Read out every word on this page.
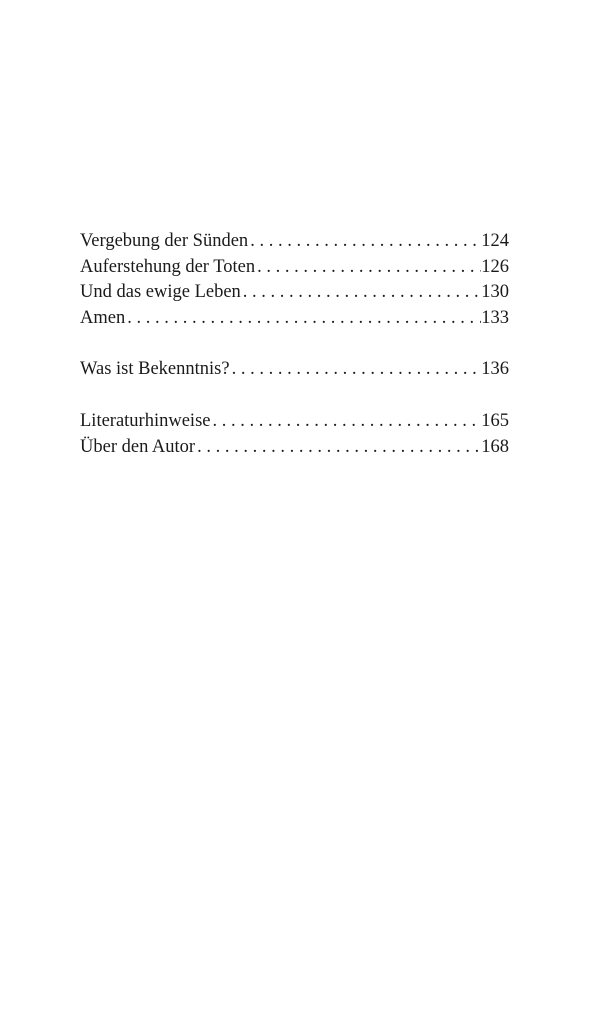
Vergebung der Sünden . . .	124
Auferstehung der Toten . . .	126
Und das ewige Leben . . .	130
Amen . . .	133
Was ist Bekenntnis? . . .	136
Literaturhinweise . . .	165
Über den Autor . . .	168
